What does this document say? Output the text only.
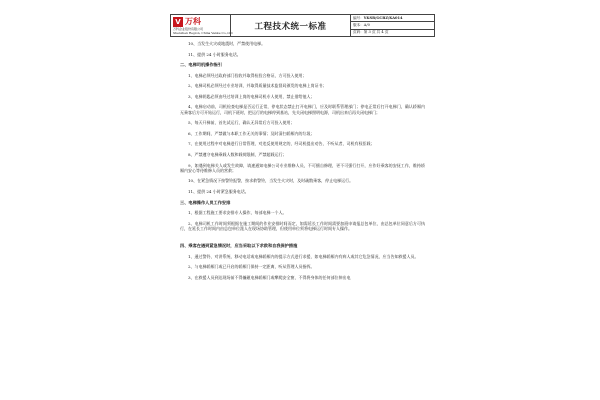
V 万科
万科企业股份有限公司
Shenzhen Region, China Vanke Co.,Ltd
工程技术统一标准
编号： YKSR/GCBZ/KA014
版本： A/0
页码：第 3 页 共 4 页

10、当发生火灾或地震时，严禁使用电梯。

11、提供 24 小时服务电话。

二、电梯司机操作指引

1、电梯必须经过政府部门验收并取得检验合格证，方可投入使用；

2、电梯司机必须经过专业培训，并取得质量技术监督局颁发的电梯上岗证书；

3、电梯钥匙必须由经过培训上岗的电梯司机专人使用，禁止借给他人；

4、电梯启动前，司机检查电梯是否运行正常，停电状态禁止打开电梯门，应及时联系管理部门；停电正常后打开电梯门，确认轿厢内无乘客后方可开始运行，司机下班时，把运行的电梯停到基站，先关闭电梯照明电源，司机出来后再关闭电梯门；

5、每天开梯前，首先试运行，确认无异常后方可投入使用；

6、工作期间，严禁做与本职工作无关的事情；及时清扫轿厢内的垃圾；

7、在使用过程中对电梯进行日常管理，对违反使用规定的，经司机提出劝告，不听从者，司机有权拒载；

8、严禁遵守电梯乘载人数和载荷限制，严禁超载运行；

9、如遇到电梯关人或发生故障，请速通知电梯公司专业维修人员，不可擅自修理，更不可强行打开，应作好乘客的安抚工作，维持轿厢内安心等待维修人员的营救；

10、在紧急情况下按警铃报警，按求救警铃，当发生火灾时，及时疏散乘客，停止电梯运行。

11、提供 24 小时紧急服务电话。

三、电梯操作人员工作安排

1、根据工程施工要求安排专人操作，每部电梯一个人。

2、电梯司机工作时间须根据在施工期间的作业安排时间而定，如需延长工作时间需要加班申请报总包单位，由总包单位同意后方可执行，在延长工作时间内由总包单位派人在现场协助管理，但使用单位须将电梯运行时间专人操作。

四、乘客在遇到紧急情况时，应当采取以下求救和自我保护措施

1、通过警铃、对讲系统、移动电话或电梯轿厢内的提示方式进行求援，如电梯轿厢内有病人或其它危急情况，应当告知救援人员。

2、与电梯轿厢门或已开启的轿厢门保持一定距离，听从管理人员指挥。

3、在救援人员到达现场前不得撬砸电梯轿厢门或攀爬安全窗，不得将身体的任何部位伸出电
